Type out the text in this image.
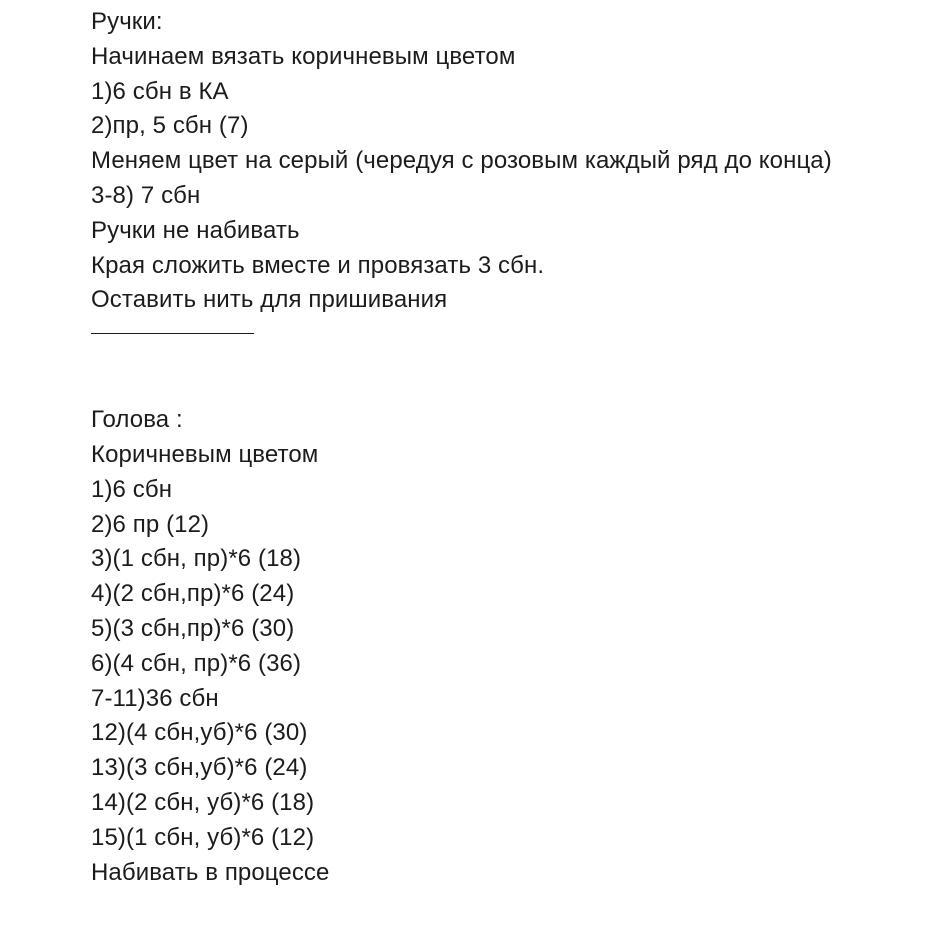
Ручки:
Начинаем вязать коричневым цветом
1)6 сбн в КА
2)пр, 5 сбн (7)
Меняем цвет на серый (чередуя с розовым каждый ряд до конца)
3-8) 7 сбн
Ручки не набивать
Края сложить вместе и провязать 3 сбн.
Оставить нить для пришивания
Голова :
Коричневым цветом
1)6 сбн
2)6 пр (12)
3)(1 сбн, пр)*6 (18)
4)(2 сбн,пр)*6 (24)
5)(3 сбн,пр)*6 (30)
6)(4 сбн, пр)*6 (36)
7-11)36 сбн
12)(4 сбн,уб)*6 (30)
13)(3 сбн,уб)*6 (24)
14)(2 сбн, уб)*6 (18)
15)(1 сбн, уб)*6 (12)
Набивать в процессе
